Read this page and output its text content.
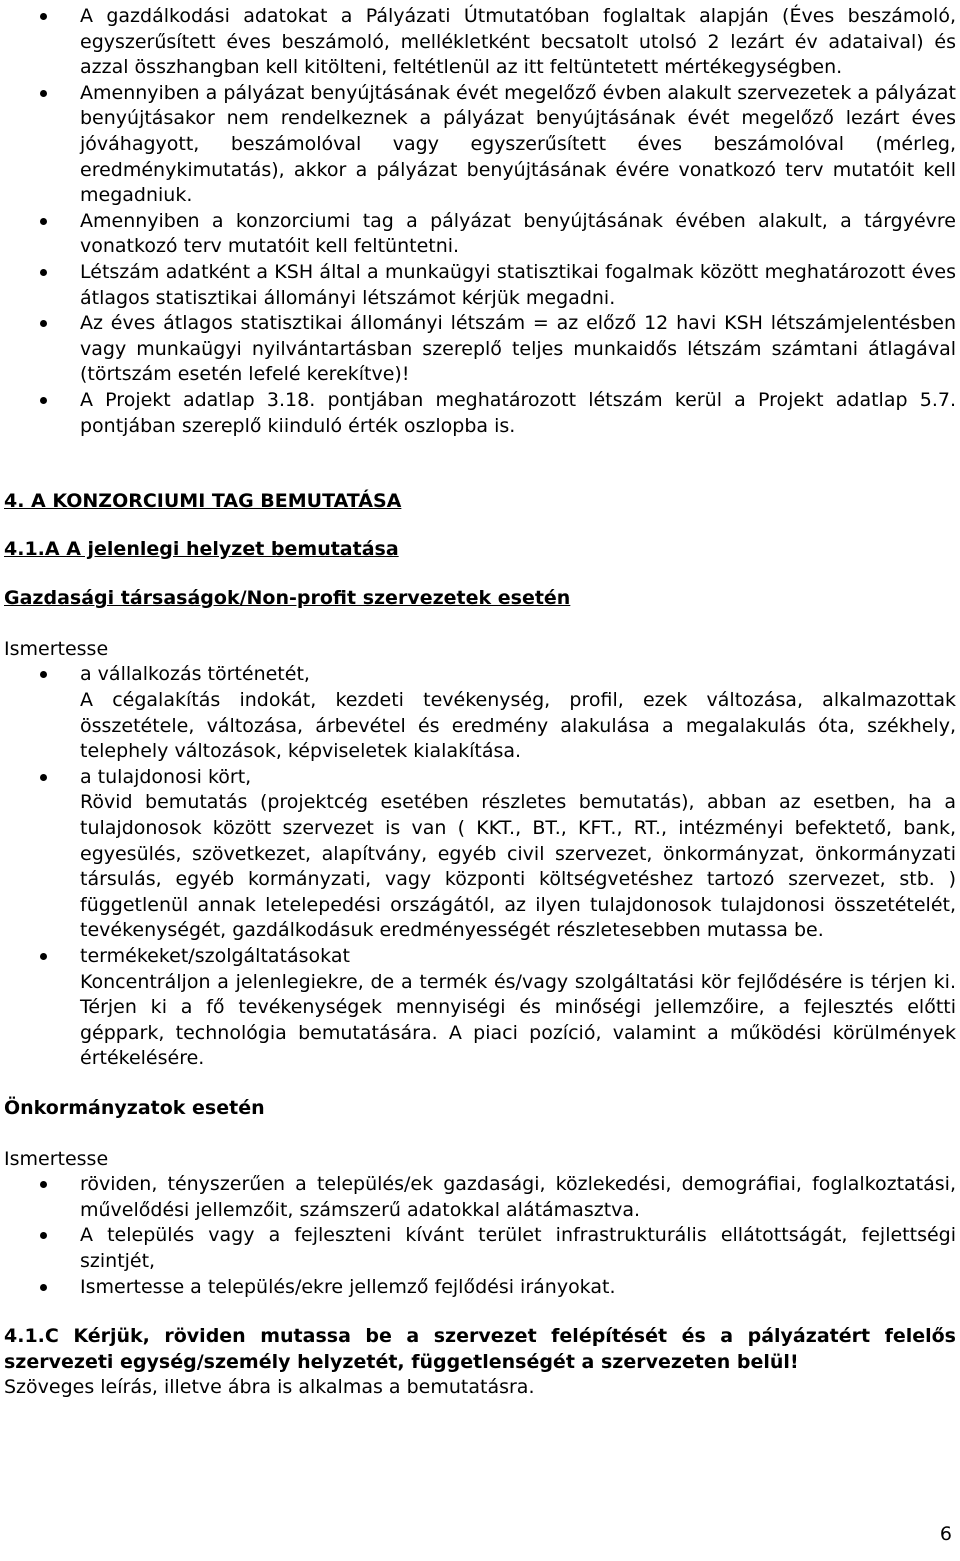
A gazdálkodási adatokat a Pályázati Útmutatóban foglaltak alapján (Éves beszámoló, egyszerűsített éves beszámoló, mellékletként becsatolt utolsó 2 lezárt év adataival) és azzal összhangban kell kitölteni, feltétlenül az itt feltüntetett mértékegységben.
Amennyiben a pályázat benyújtásának évét megelőző évben alakult szervezetek a pályázat benyújtásakor nem rendelkeznek a pályázat benyújtásának évét megelőző lezárt éves jóváhagyott, beszámolóval vagy egyszerűsített éves beszámolóval (mérleg, eredménykimutatás), akkor a pályázat benyújtásának évére vonatkozó terv mutatóit kell megadniuk.
Amennyiben a konzorciumi tag a pályázat benyújtásának évében alakult, a tárgyévre vonatkozó terv mutatóit kell feltüntetni.
Létszám adatként a KSH által a munkaügyi statisztikai fogalmak között meghatározott éves átlagos statisztikai állományi létszámot kérjük megadni.
Az éves átlagos statisztikai állományi létszám = az előző 12 havi KSH létszámjelentésben vagy munkaügyi nyilvántartásban szereplő teljes munkaidős létszám számtani átlagával (törtszám esetén lefelé kerekítve)!
A Projekt adatlap 3.18. pontjában meghatározott létszám kerül a Projekt adatlap 5.7. pontjában szereplő kiinduló érték oszlopba is.
4. A KONZORCIUMI TAG BEMUTATÁSA
4.1.A A jelenlegi helyzet bemutatása
Gazdasági társaságok/Non-profit szervezetek esetén

Ismertesse

a vállalkozás történetét,
A cégalakítás indokát, kezdeti tevékenység, profil, ezek változása, alkalmazottak összetétele, változása, árbevétel és eredmény alakulása a megalakulás óta, székhely, telephely változások, képviseletek kialakítása.
a tulajdonosi kört,
Rövid bemutatás (projektcég esetében részletes bemutatás), abban az esetben, ha a tulajdonosok között szervezet is van ( KKT., BT., KFT., RT., intézményi befektető, bank, egyesülés, szövetkezet, alapítvány, egyéb civil szervezet, önkormányzat, önkormányzati társulás, egyéb kormányzati, vagy központi költségvetéshez tartozó szervezet, stb. ) függetlenül annak letelepedési országától, az ilyen tulajdonosok tulajdonosi összetételét, tevékenységét, gazdálkodásuk eredményességét részletesebben mutassa be.
termékeket/szolgáltatásokat
Koncentráljon a jelenlegiekre, de a termék és/vagy szolgáltatási kör fejlődésére is térjen ki. Térjen ki a fő tevékenységek mennyiségi és minőségi jellemzőire, a fejlesztés előtti géppark, technológia bemutatására. A piaci pozíció, valamint a működési körülmények értékelésére.

Önkormányzatok esetén

Ismertesse

röviden, tényszerűen a település/ek gazdasági, közlekedési, demográfiai, foglalkoztatási, művelődési jellemzőit, számszerű adatokkal alátámasztva.
A település vagy a fejleszteni kívánt terület infrastrukturális ellátottságát, fejlettségi szintjét,
Ismertesse a település/ekre jellemző fejlődési irányokat.

4.1.C Kérjük, röviden mutassa be a szervezet felépítését és a pályázatért felelős szervezeti egység/személy helyzetét, függetlenségét a szervezeten belül!

Szöveges leírás, illetve ábra is alkalmas a bemutatásra.

6
